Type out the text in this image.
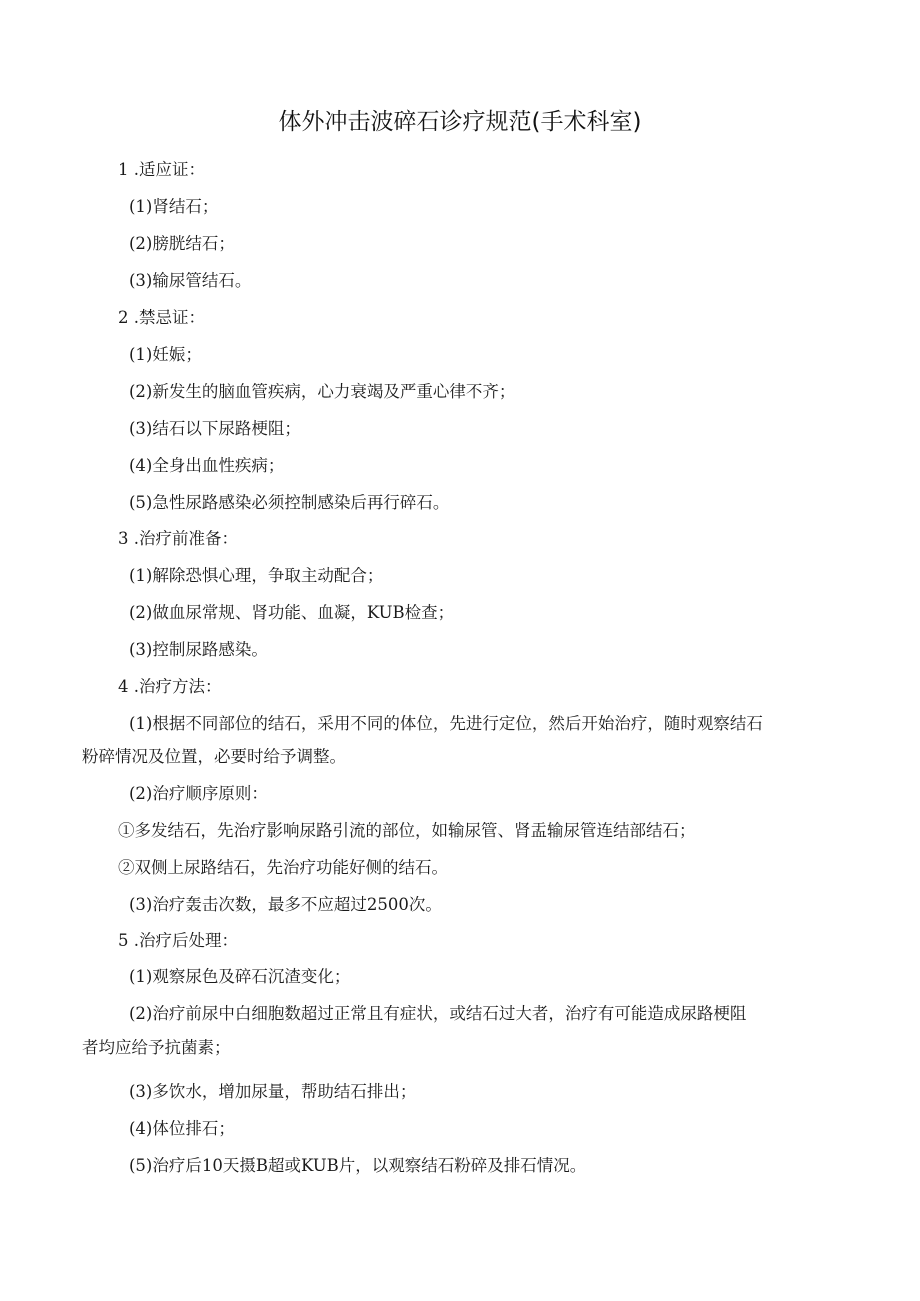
体外冲击波碎石诊疗规范(手术科室)
1 .适应证：
(1)肾结石；
(2)膀胱结石；
(3)输尿管结石。
2 .禁忌证：
(1)妊娠；
(2)新发生的脑血管疾病，心力衰竭及严重心律不齐；
(3)结石以下尿路梗阻；
(4)全身出血性疾病；
(5)急性尿路感染必须控制感染后再行碎石。
3 .治疗前准备：
(1)解除恐惧心理，争取主动配合；
(2)做血尿常规、肾功能、血凝，KUB检查；
(3)控制尿路感染。
4 .治疗方法：
(1)根据不同部位的结石，采用不同的体位，先进行定位，然后开始治疗，随时观察结石
粉碎情况及位置，必要时给予调整。
(2)治疗顺序原则：
①多发结石，先治疗影响尿路引流的部位，如输尿管、肾盂输尿管连结部结石；
②双侧上尿路结石，先治疗功能好侧的结石。
(3)治疗轰击次数，最多不应超过2500次。
5 .治疗后处理：
(1)观察尿色及碎石沉渣变化；
(2)治疗前尿中白细胞数超过正常且有症状，或结石过大者，治疗有可能造成尿路梗阻
者均应给予抗菌素；
(3)多饮水，增加尿量，帮助结石排出；
(4)体位排石；
(5)治疗后10天摄B超或KUB片，以观察结石粉碎及排石情况。
